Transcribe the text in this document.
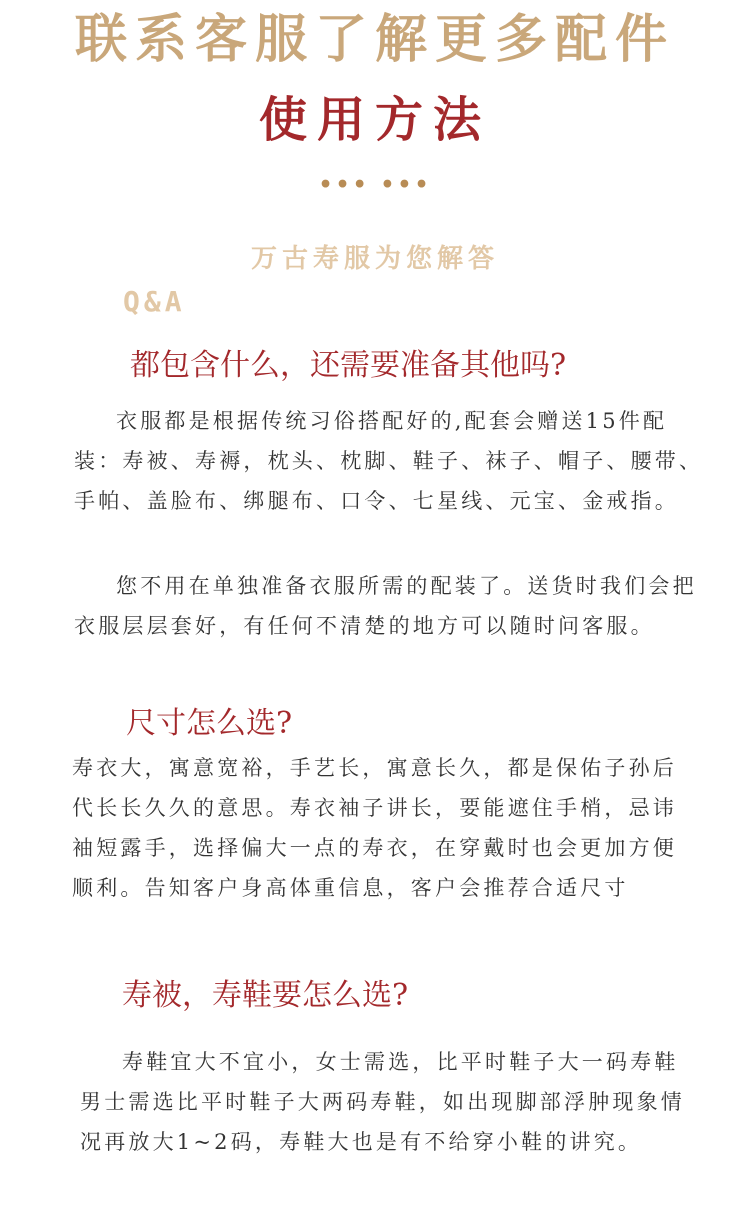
联系客服了解更多配件
使用方法
••• •••
万古寿服为您解答
Q&A
都包含什么，还需要准备其他吗?
衣服都是根据传统习俗搭配好的,配套会赠送15件配装：寿被、寿褥，枕头、枕脚、鞋子、袜子、帽子、腰带、手帕、盖脸布、绑腿布、口令、七星线、元宝、金戒指。
您不用在单独准备衣服所需的配装了。送货时我们会把衣服层层套好，有任何不清楚的地方可以随时问客服。
尺寸怎么选?
寿衣大，寓意宽裕，手艺长，寓意长久，都是保佑子孙后代长长久久的意思。寿衣袖子讲长，要能遮住手梢，忌讳袖短露手，选择偏大一点的寿衣，在穿戴时也会更加方便顺利。告知客户身高体重信息，客户会推荐合适尺寸
寿被，寿鞋要怎么选?
寿鞋宜大不宜小，女士需选，比平时鞋子大一码寿鞋男士需选比平时鞋子大两码寿鞋，如出现脚部浮肿现象情况再放大1~2码，寿鞋大也是有不给穿小鞋的讲究。
